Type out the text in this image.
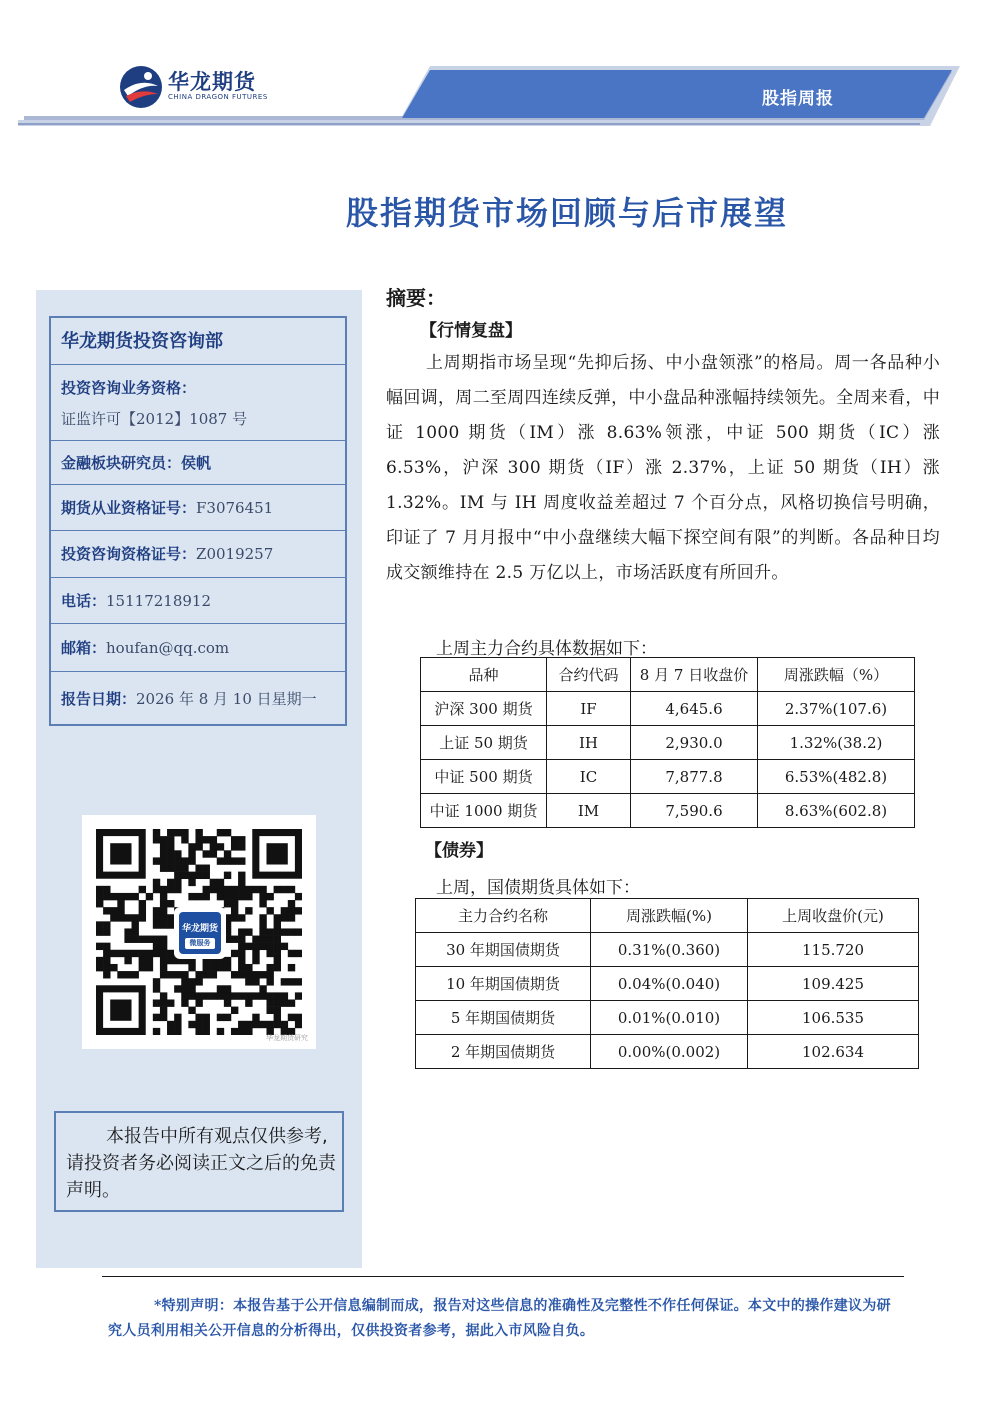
华龙期货
CHINA DRAGON FUTURES	股指周报
股指期货市场回顾与后市展望
华龙期货投资咨询部
投资咨询业务资格：
证监许可【2012】1087 号
金融板块研究员：侯帆
期货从业资格证号：F3076451
投资咨询资格证号：Z0019257
电话：15117218912
邮箱：houfan@qq.com
报告日期：2026 年 8 月 10 日星期一
华龙期货
微服务
华龙期货研究
本报告中所有观点仅供参考,请投资者务必阅读正文之后的免责声明。
摘要：
【行情复盘】
上周期指市场呈现“先抑后扬、中小盘领涨”的格局。周一各品种小幅回调，周二至周四连续反弹，中小盘品种涨幅持续领先。全周来看，中证 1000 期货（IM）涨 8.63%领涨，中证 500 期货（IC）涨 6.53%，沪深 300 期货（IF）涨 2.37%，上证 50 期货（IH）涨 1.32%。IM 与 IH 周度收益差超过 7 个百分点，风格切换信号明确，印证了 7 月月报中“中小盘继续大幅下探空间有限”的判断。各品种日均成交额维持在 2.5 万亿以上，市场活跃度有所回升。
上周主力合约具体数据如下：
品种	合约代码	8 月 7 日收盘价	周涨跌幅（%）
沪深 300 期货	IF	4,645.6	2.37%(107.6)
上证 50 期货	IH	2,930.0	1.32%(38.2)
中证 500 期货	IC	7,877.8	6.53%(482.8)
中证 1000 期货	IM	7,590.6	8.63%(602.8)
【债券】
上周，国债期货具体如下：
主力合约名称	周涨跌幅(%)	上周收盘价(元)
30 年期国债期货	0.31%(0.360)	115.720
10 年期国债期货	0.04%(0.040)	109.425
5 年期国债期货	0.01%(0.010)	106.535
2 年期国债期货	0.00%(0.002)	102.634
*特别声明：本报告基于公开信息编制而成，报告对这些信息的准确性及完整性不作任何保证。本文中的操作建议为研究人员利用相关公开信息的分析得出，仅供投资者参考，据此入市风险自负。
